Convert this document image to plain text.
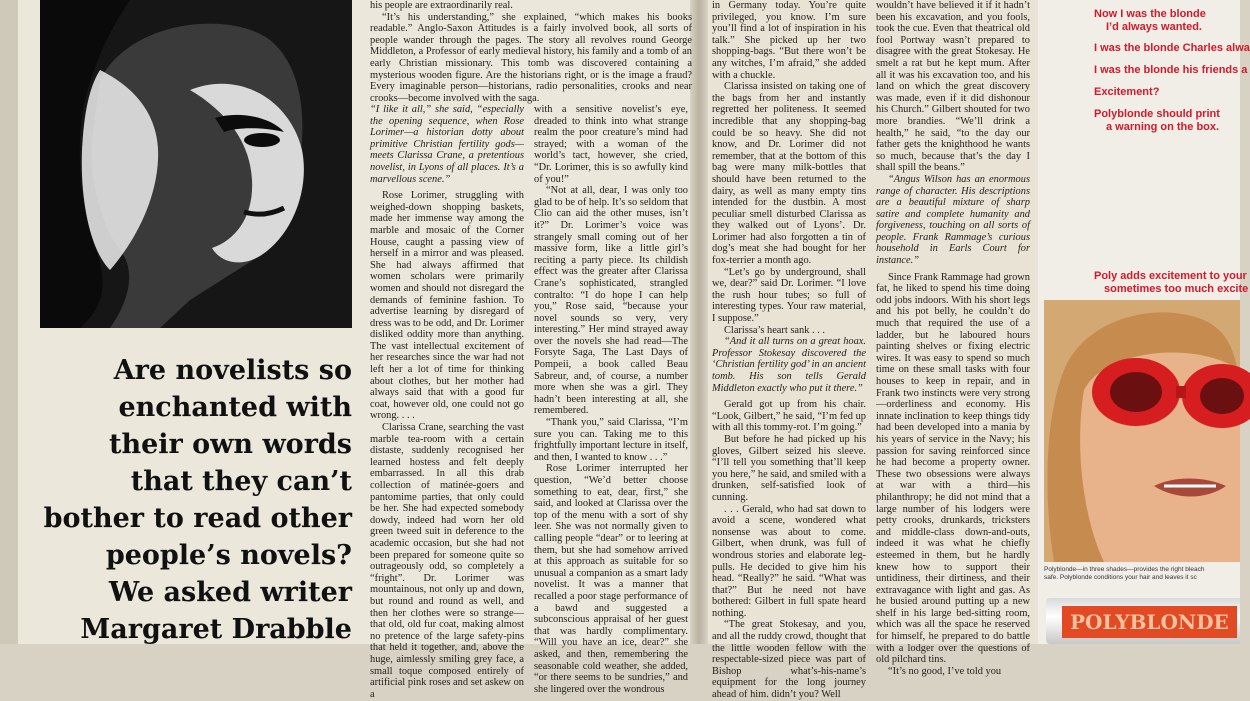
Are novelists so
enchanted with
their own words
that they can’t
bother to read other
people’s novels?
We asked writer
Margaret Drabble

his people are extraordinarily real.

“It’s his understanding,” she explained, “which makes his books readable.” Anglo-Saxon Attitudes is a fairly involved book, all sorts of people wander through the pages. The story all revolves round George Middleton, a Professor of early medieval history, his family and a tomb of an early Christian missionary. This tomb was discovered containing a mysterious wooden figure. Are the historians right, or is the image a fraud? Every imaginable person—historians, radio personalities, crooks and near crooks—become involved with the saga.

“I like it all,” she said, “especially the opening sequence, when Rose Lorimer—a historian dotty about primitive Christian fertility gods—meets Clarissa Crane, a pretentious novelist, in Lyons of all places. It’s a marvellous scene.”

Rose Lorimer, struggling with weighed-down shopping baskets, made her immense way among the marble and mosaic of the Corner House, caught a passing view of herself in a mirror and was pleased. She had always affirmed that women scholars were primarily women and should not disregard the demands of feminine fashion. To advertise learning by disregard of dress was to be odd, and Dr. Lorimer disliked oddity more than anything. The vast intellectual excitement of her researches since the war had not left her a lot of time for thinking about clothes, but her mother had always said that with a good fur coat, however old, one could not go wrong. . . .

Clarissa Crane, searching the vast marble tea-room with a certain distaste, suddenly recognised her learned hostess and felt deeply embarrassed. In all this drab collection of matinée-goers and pantomime parties, that only could be her. She had expected somebody dowdy, indeed had worn her old green tweed suit in deference to the academic occasion, but she had not been prepared for someone quite so outrageously odd, so completely a “fright”. Dr. Lorimer was mountainous, not only up and down, but round and round as well, and then her clothes were so strange—that old, old fur coat, making almost no pretence of the large safety-pins that held it together, and, above the huge, aimlessly smiling grey face, a small toque composed entirely of artificial pink roses and set askew on a

with a sensitive novelist’s eye, dreaded to think into what strange realm the poor creature’s mind had strayed; with a woman of the world’s tact, however, she cried, “Dr. Lorimer, this is so awfully kind of you!”

“Not at all, dear, I was only too glad to be of help. It’s so seldom that Clio can aid the other muses, isn’t it?” Dr. Lorimer’s voice was strangely small coming out of her massive form, like a little girl’s reciting a party piece. Its childish effect was the greater after Clarissa Crane’s sophisticated, strangled contralto: “I do hope I can help you,” Rose said, “because your novel sounds so very, very interesting.” Her mind strayed away over the novels she had read—The Forsyte Saga, The Last Days of Pompeii, a book called Beau Sabreur, and, of course, a number more when she was a girl. They hadn’t been interesting at all, she remembered.

“Thank you,” said Clarissa, “I’m sure you can. Taking me to this frightfully important lecture in itself, and then, I wanted to know . . .”

Rose Lorimer interrupted her question, “We’d better choose something to eat, dear, first,” she said, and looked at Clarissa over the top of the menu with a sort of shy leer. She was not normally given to calling people “dear” or to leering at them, but she had somehow arrived at this approach as suitable for so unusual a companion as a smart lady novelist. It was a manner that recalled a poor stage performance of a bawd and suggested a subconscious appraisal of her guest that was hardly complimentary. “Will you have an ice, dear?” she asked, and then, remembering the seasonable cold weather, she added, “or there seems to be sundries,” and she lingered over the wondrous

in Germany today. You’re quite privileged, you know. I’m sure you’ll find a lot of inspiration in his talk.” She picked up her two shopping-bags. “But there won’t be any witches, I’m afraid,” she added with a chuckle.

Clarissa insisted on taking one of the bags from her and instantly regretted her politeness. It seemed incredible that any shopping-bag could be so heavy. She did not know, and Dr. Lorimer did not remember, that at the bottom of this bag were many milk-bottles that should have been returned to the dairy, as well as many empty tins intended for the dustbin. A most peculiar smell disturbed Clarissa as they walked out of Lyons’. Dr. Lorimer had also forgotten a tin of dog’s meat she had bought for her fox-terrier a month ago.

“Let’s go by underground, shall we, dear?” said Dr. Lorimer. “I love the rush hour tubes; so full of interesting types. Your raw material, I suppose.”

Clarissa’s heart sank . . .

“And it all turns on a great hoax. Professor Stokesay discovered the ‘Christian fertility god’ in an ancient tomb. His son tells Gerald Middleton exactly who put it there.”

Gerald got up from his chair. “Look, Gilbert,” he said, “I’m fed up with all this tommy-rot. I’m going.”

But before he had picked up his gloves, Gilbert seized his sleeve. “I’ll tell you something that’ll keep you here,” he said, and smiled with a drunken, self-satisfied look of cunning.

. . . Gerald, who had sat down to avoid a scene, wondered what nonsense was about to come. Gilbert, when drunk, was full of wondrous stories and elaborate leg-pulls. He decided to give him his head. “Really?” he said. “What was that?” But he need not have bothered: Gilbert in full spate heard nothing.

“The great Stokesay, and you, and all the ruddy crowd, thought that the little wooden fellow with the respectable-sized piece was part of Bishop what’s-his-name’s equipment for the long journey ahead of him. didn’t you? Well

wouldn’t have believed it if it hadn’t been his excavation, and you fools, took the cue. Even that theatrical old fool Portway wasn’t prepared to disagree with the great Stokesay. He smelt a rat but he kept mum. After all it was his excavation too, and his land on which the great discovery was made, even if it did dishonour his Church.” Gilbert shouted for two more brandies. “We’ll drink a health,” he said, “to the day our father gets the knighthood he wants so much, because that’s the day I shall spill the beans.”

“Angus Wilson has an enormous range of character. His descriptions are a beautiful mixture of sharp satire and complete humanity and forgiveness, touching on all sorts of people. Frank Rammage’s curious household in Earls Court for instance.”

Since Frank Rammage had grown fat, he liked to spend his time doing odd jobs indoors. With his short legs and his pot belly, he couldn’t do much that required the use of a ladder, but he laboured hours painting shelves or fixing electric wires. It was easy to spend so much time on these small tasks with four houses to keep in repair, and in Frank two instincts were very strong—orderliness and economy. His innate inclination to keep things tidy had been developed into a mania by his years of service in the Navy; his passion for saving reinforced since he had become a property owner. These two obsessions were always at war with a third—his philanthropy; he did not mind that a large number of his lodgers were petty crooks, drunkards, tricksters and middle-class down-and-outs, indeed it was what he chiefly esteemed in them, but he hardly knew how to support their untidiness, their dirtiness, and their extravagance with light and gas. As he busied around putting up a new shelf in his large bed-sitting room, which was all the space he reserved for himself, he prepared to do battle with a lodger over the questions of old pilchard tins.

“It’s no good, I’ve told you

Now I was the blonde
I’d always wanted.
I was the blonde Charles alwa
I was the blonde his friends a
Excitement?
Polyblonde should print
a warning on the box.
Poly adds excitement to your
sometimes too much excite
Polyblonde—in three shades—provides the right bleach
safe. Polyblonde conditions your hair and leaves it sc
POLYBLONDE
